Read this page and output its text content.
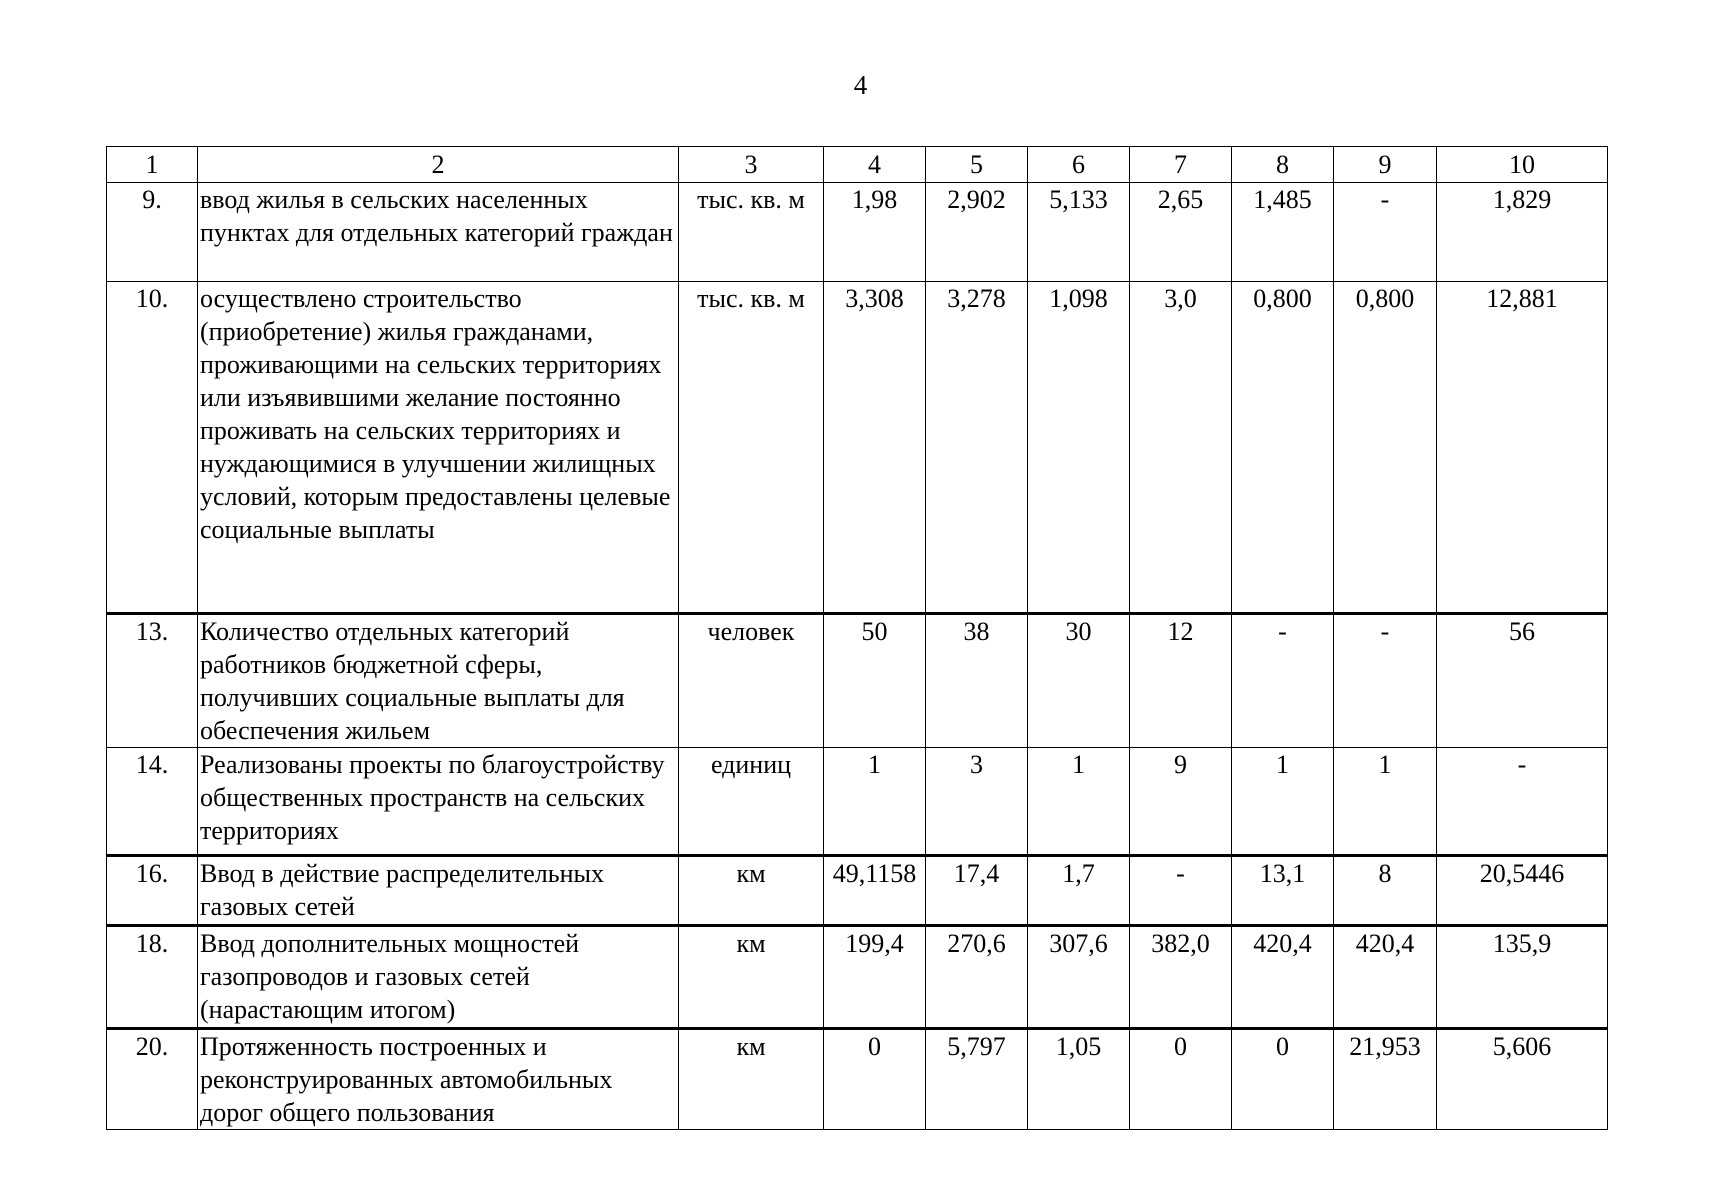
4
1	2	3	4	5	6	7	8	9	10
9.	ввод жилья в сельских населенных пунктах для отдельных категорий граждан	тыс. кв. м	1,98	2,902	5,133	2,65	1,485	-	1,829
10.	осуществлено строительство (приобретение) жилья гражданами, проживающими на сельских территориях или изъявившими желание постоянно проживать на сельских территориях и нуждающимися в улучшении жилищных условий, которым предоставлены целевые социальные выплаты	тыс. кв. м	3,308	3,278	1,098	3,0	0,800	0,800	12,881
13.	Количество отдельных категорий работников бюджетной сферы, получивших социальные выплаты для обеспечения жильем	человек	50	38	30	12	-	-	56
14.	Реализованы проекты по благоустройству общественных пространств на сельских территориях	единиц	1	3	1	9	1	1	-
16.	Ввод в действие распределительных газовых сетей	км	49,1158	17,4	1,7	-	13,1	8	20,5446
18.	Ввод дополнительных мощностей газопроводов и газовых сетей (нарастающим итогом)	км	199,4	270,6	307,6	382,0	420,4	420,4	135,9
20.	Протяженность построенных и реконструированных автомобильных дорог общего пользования	км	0	5,797	1,05	0	0	21,953	5,606
